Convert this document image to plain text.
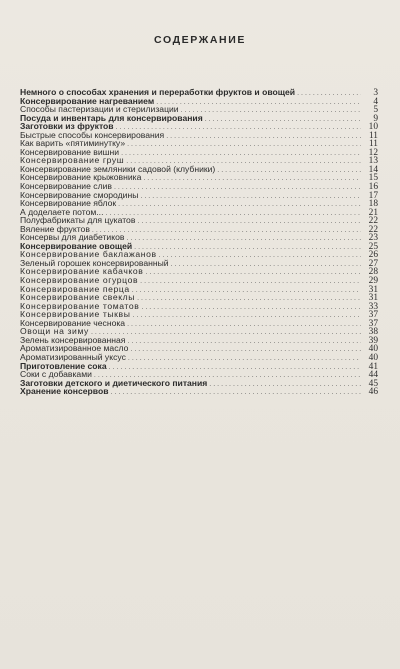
СОДЕРЖАНИЕ
Немного о способах хранения и переработки фруктов и овощей .....	3
Консервирование нагреванием .....	4
Способы пастеризации и стерилизации .....	5
Посуда и инвентарь для консервирования .....	9
Заготовки из фруктов .....	10
Быстрые способы консервирования .....	11
Как варить «пятиминутку» .....	11
Консервирование вишни .....	12
Консервирование груш .....	13
Консервирование земляники садовой (клубники) .....	14
Консервирование крыжовника .....	15
Консервирование слив .....	16
Консервирование смородины .....	17
Консервирование яблок .....	18
А доделаете потом... .....	21
Полуфабрикаты для цукатов .....	22
Вяление фруктов .....	22
Консервы для диабетиков .....	23
Консервирование овощей .....	25
Консервирование баклажанов .....	26
Зеленый горошек консервированный .....	27
Консервирование кабачков .....	28
Консервирование огурцов .....	29
Консервирование перца .....	31
Консервирование свеклы .....	31
Консервирование томатов .....	33
Консервирование тыквы .....	37
Консервирование чеснока .....	37
Овощи на зиму .....	38
Зелень консервированная .....	39
Ароматизированное масло .....	40
Ароматизированный уксус .....	40
Приготовление сока .....	41
Соки с добавками .....	44
Заготовки детского и диетического питания .....	45
Хранение консервов .....	46
